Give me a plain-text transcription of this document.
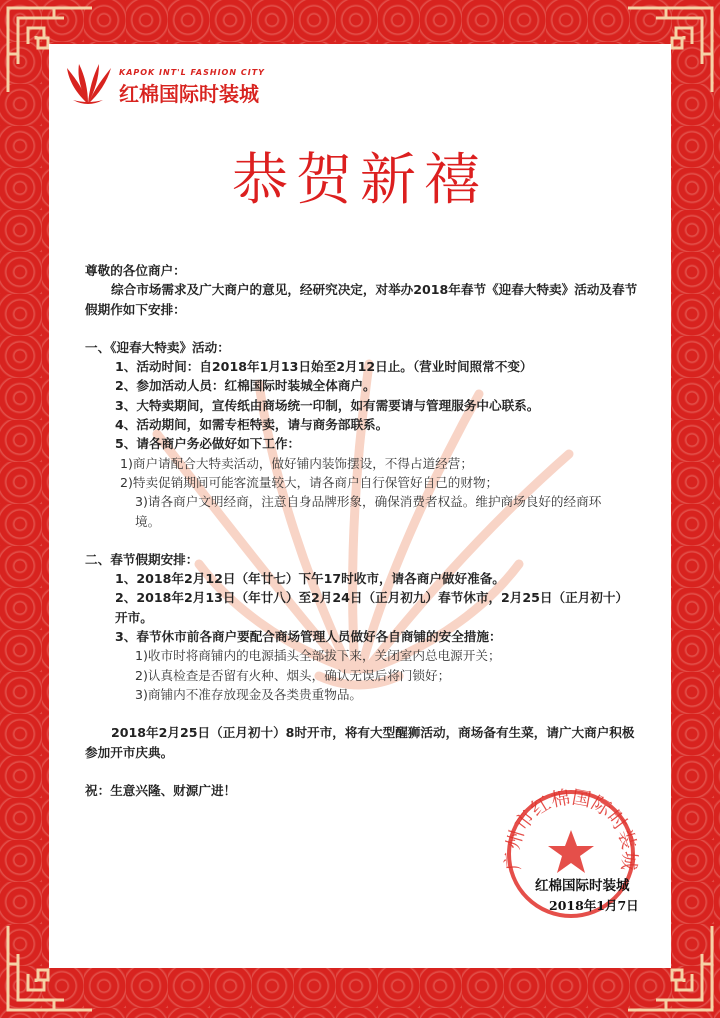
KAPOK INT'L FASHION CITY
红棉国际时装城
恭贺新禧
尊敬的各位商户：
综合市场需求及广大商户的意见，经研究决定，对举办2018年春节《迎春大特卖》活动及春节假期作如下安排：
一、《迎春大特卖》活动：
1、活动时间：自2018年1月13日始至2月12日止。（营业时间照常不变）
2、参加活动人员：红棉国际时装城全体商户。
3、大特卖期间，宣传纸由商场统一印制，如有需要请与管理服务中心联系。
4、活动期间，如需专柜特卖，请与商务部联系。
5、请各商户务必做好如下工作：
1)商户请配合大特卖活动，做好铺内装饰摆设，不得占道经营；
2)特卖促销期间可能客流量较大，请各商户自行保管好自己的财物；
3)请各商户文明经商，注意自身品牌形象，确保消费者权益。维护商场良好的经商环境。
二、春节假期安排：
1、2018年2月12日（年廿七）下午17时收市，请各商户做好准备。
2、2018年2月13日（年廿八）至2月24日（正月初九）春节休市，2月25日（正月初十）开市。
3、春节休市前各商户要配合商场管理人员做好各自商铺的安全措施：
1)收市时将商铺内的电源插头全部拔下来，关闭室内总电源开关；
2)认真检查是否留有火种、烟头，确认无误后将门锁好；
3)商铺内不准存放现金及各类贵重物品。
2018年2月25日（正月初十）8时开市，将有大型醒狮活动，商场备有生菜，请广大商户积极参加开市庆典。
祝：生意兴隆、财源广进！
广州市红棉国际时装城
红棉国际时装城
2018年1月7日
